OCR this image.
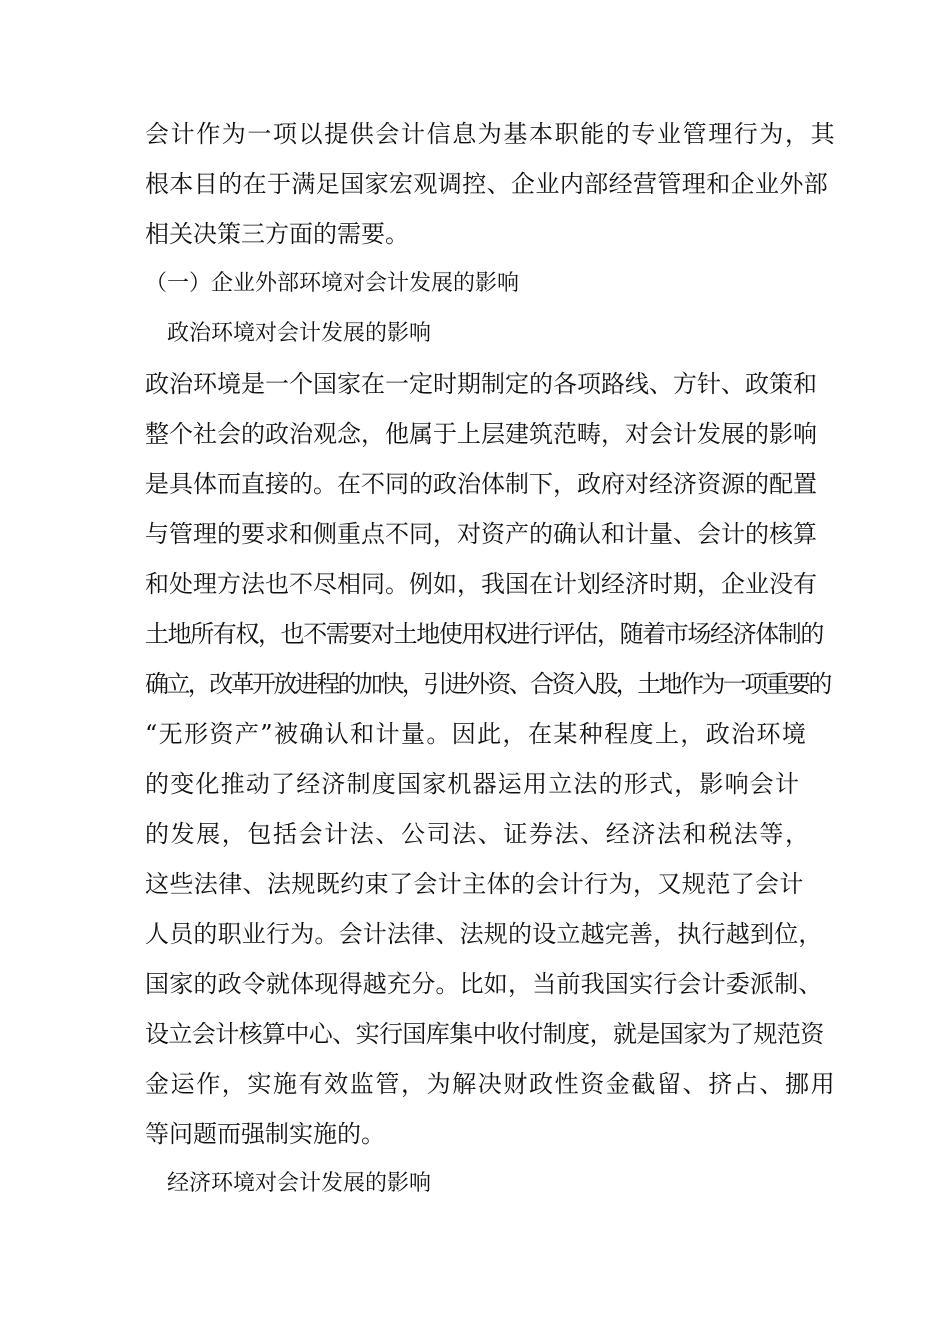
会计作为一项以提供会计信息为基本职能的专业管理行为，其
根本目的在于满足国家宏观调控、企业内部经营管理和企业外部
相关决策三方面的需要。
（一）企业外部环境对会计发展的影响
政治环境对会计发展的影响
政治环境是一个国家在一定时期制定的各项路线、方针、政策和
整个社会的政治观念，他属于上层建筑范畴，对会计发展的影响
是具体而直接的。在不同的政治体制下，政府对经济资源的配置
与管理的要求和侧重点不同，对资产的确认和计量、会计的核算
和处理方法也不尽相同。例如，我国在计划经济时期，企业没有
土地所有权，也不需要对土地使用权进行评估，随着市场经济体制的
确立，改革开放进程的加快，引进外资、合资入股，土地作为一项重要的
“无形资产”被确认和计量。因此，在某种程度上，政治环境
的变化推动了经济制度国家机器运用立法的形式，影响会计
的发展，包括会计法、公司法、证券法、经济法和税法等，
这些法律、法规既约束了会计主体的会计行为，又规范了会计
人员的职业行为。会计法律、法规的设立越完善，执行越到位，
国家的政令就体现得越充分。比如，当前我国实行会计委派制、
设立会计核算中心、实行国库集中收付制度，就是国家为了规范资
金运作，实施有效监管，为解决财政性资金截留、挤占、挪用
等问题而强制实施的。
经济环境对会计发展的影响
